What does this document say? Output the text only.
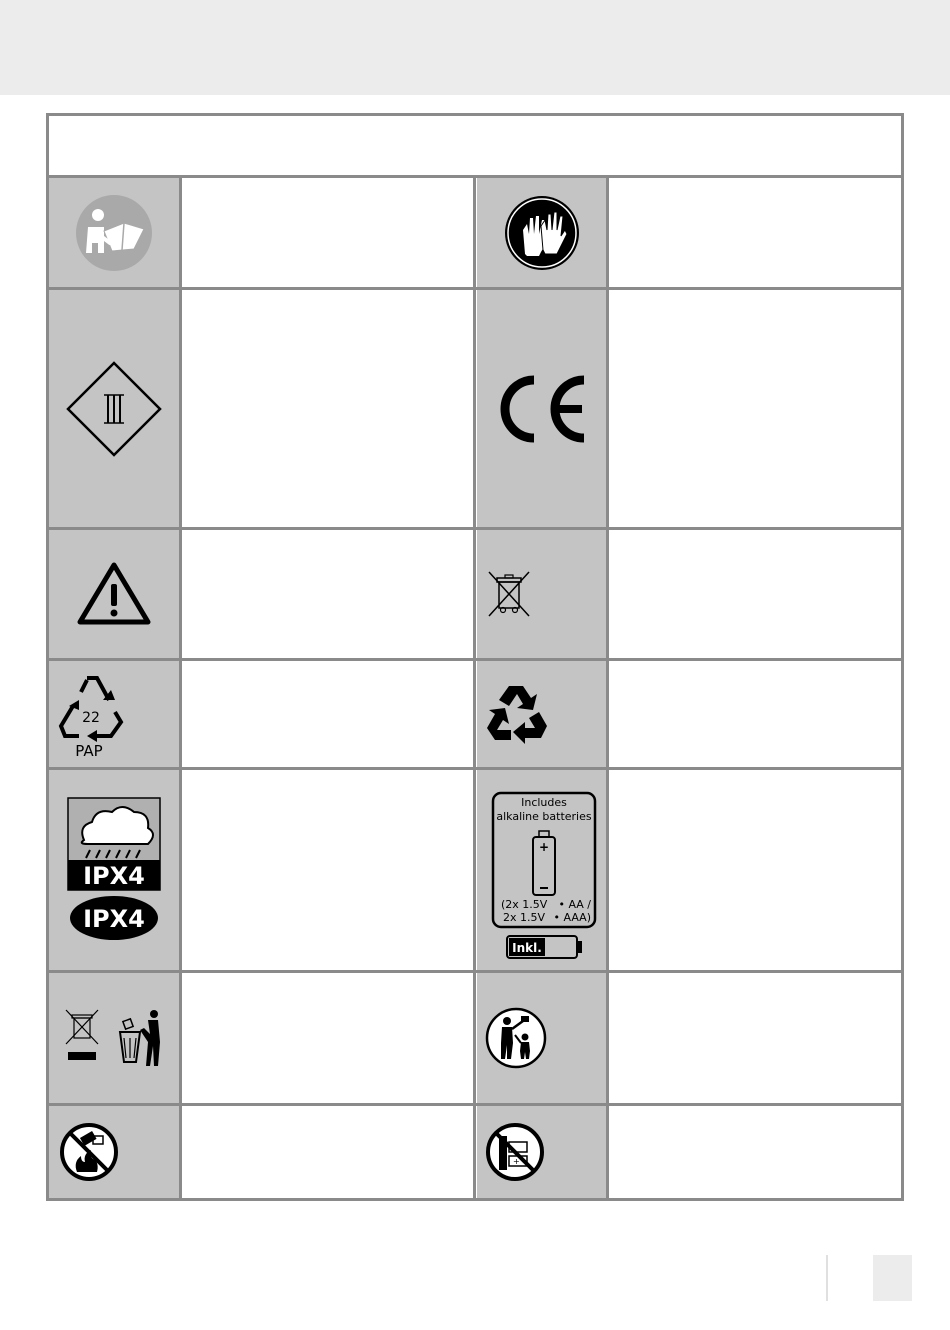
22
PAP
IPX4
IPX4
Includes
alkaline batteries
+
(2x 1.5V • AA /
2x 1.5V • AAA)
Inkl.
+
